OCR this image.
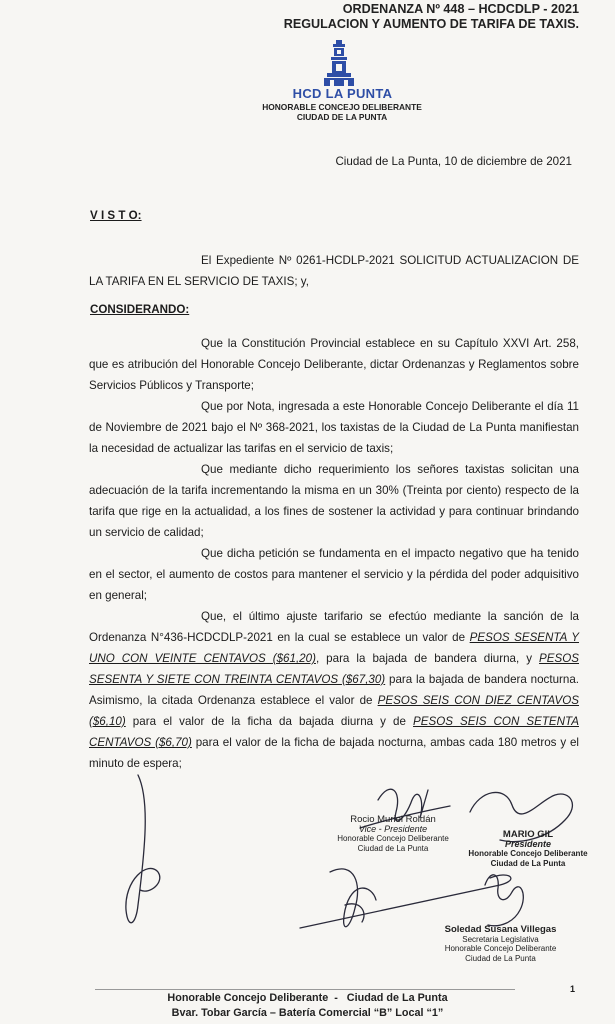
ORDENANZA Nº 448 – HCDCDLP - 2021
REGULACION Y AUMENTO DE TARIFA DE TAXIS.
HCD LA PUNTA
HONORABLE CONCEJO DELIBERANTE
CIUDAD DE LA PUNTA
Ciudad de La Punta, 10 de diciembre de 2021
V I S T O:

El Expediente Nº 0261-HCDLP-2021 SOLICITUD ACTUALIZACION DE LA TARIFA EN EL SERVICIO DE TAXIS; y,

CONSIDERANDO:

Que la Constitución Provincial establece en su Capítulo XXVI Art. 258, que es atribución del Honorable Concejo Deliberante, dictar Ordenanzas y Reglamentos sobre Servicios Públicos y Transporte;

Que por Nota, ingresada a este Honorable Concejo Deliberante el día 11 de Noviembre de 2021 bajo el Nº 368-2021, los taxistas de la Ciudad de La Punta manifiestan la necesidad de actualizar las tarifas en el servicio de taxis;

Que mediante dicho requerimiento los señores taxistas solicitan una adecuación de la tarifa incrementando la misma en un 30% (Treinta por ciento) respecto de la tarifa que rige en la actualidad, a los fines de sostener la actividad y para continuar brindando un servicio de calidad;

Que dicha petición se fundamenta en el impacto negativo que ha tenido en el sector, el aumento de costos para mantener el servicio y la pérdida del poder adquisitivo en general;

Que, el último ajuste tarifario se efectúo mediante la sanción de la Ordenanza N°436-HCDCDLP-2021 en la cual se establece un valor de PESOS SESENTA Y UNO CON VEINTE CENTAVOS ($61,20), para la bajada de bandera diurna, y PESOS SESENTA Y SIETE CON TREINTA CENTAVOS ($67,30) para la bajada de bandera nocturna. Asimismo, la citada Ordenanza establece el valor de PESOS SEIS CON DIEZ CENTAVOS ($6,10) para el valor de la ficha da bajada diurna y de PESOS SEIS CON SETENTA CENTAVOS ($6,70) para el valor de la ficha de bajada nocturna, ambas cada 180 metros y el minuto de espera;

Rocio Muriel Roldán
Vice - Presidente
Honorable Concejo Deliberante
Ciudad de La Punta
MARIO GIL
Presidente
Honorable Concejo Deliberante
Ciudad de La Punta
Soledad Susana Villegas
Secretaria Legislativa
Honorable Concejo Deliberante
Ciudad de La Punta
1
Honorable Concejo Deliberante  -   Ciudad de La Punta
Bvar. Tobar García – Batería Comercial “B” Local “1”
